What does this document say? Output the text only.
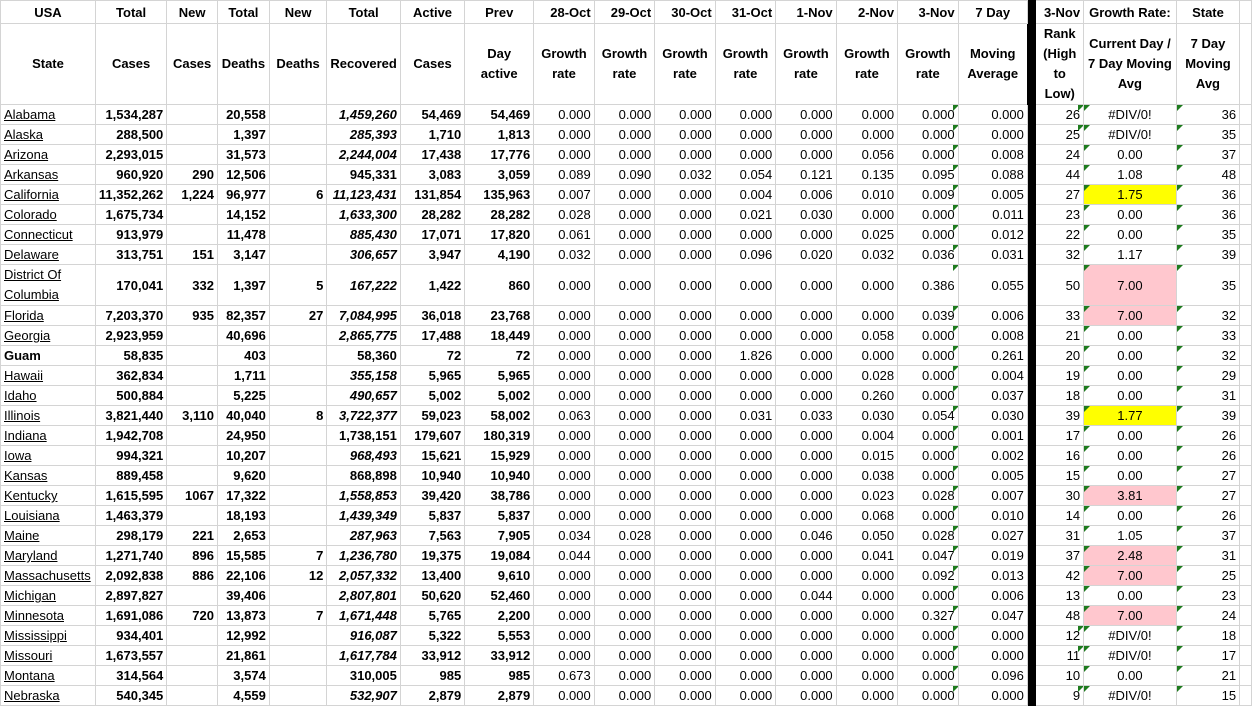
USA	Total	New	Total	New	Total	Active	Prev	28-Oct	29-Oct	30-Oct	31-Oct	1-Nov	2-Nov	3-Nov	7 Day		3-Nov	Growth Rate:	State	
State	Cases	Cases	Deaths	Deaths	Recovered	Cases	Day active	Growth rate	Growth rate	Growth rate	Growth rate	Growth rate	Growth rate	Growth rate	Moving Average		Rank (High to Low)	Current Day / 7 Day Moving Avg	7 Day Moving Avg	
Alabama	1,534,287		20,558		1,459,260	54,469	54,469	0.000	0.000	0.000	0.000	0.000	0.000	0.000	0.000		26	#DIV/0!	36	
Alaska	288,500		1,397		285,393	1,710	1,813	0.000	0.000	0.000	0.000	0.000	0.000	0.000	0.000		25	#DIV/0!	35	
Arizona	2,293,015		31,573		2,244,004	17,438	17,776	0.000	0.000	0.000	0.000	0.000	0.056	0.000	0.008		24	0.00	37	
Arkansas	960,920	290	12,506		945,331	3,083	3,059	0.089	0.090	0.032	0.054	0.121	0.135	0.095	0.088		44	1.08	48	
California	11,352,262	1,224	96,977	6	11,123,431	131,854	135,963	0.007	0.000	0.000	0.004	0.006	0.010	0.009	0.005		27	1.75	36	
Colorado	1,675,734		14,152		1,633,300	28,282	28,282	0.028	0.000	0.000	0.021	0.030	0.000	0.000	0.011		23	0.00	36	
Connecticut	913,979		11,478		885,430	17,071	17,820	0.061	0.000	0.000	0.000	0.000	0.025	0.000	0.012		22	0.00	35	
Delaware	313,751	151	3,147		306,657	3,947	4,190	0.032	0.000	0.000	0.096	0.020	0.032	0.036	0.031		32	1.17	39	
District Of Columbia	170,041	332	1,397	5	167,222	1,422	860	0.000	0.000	0.000	0.000	0.000	0.000	0.386	0.055		50	7.00	35	
Florida	7,203,370	935	82,357	27	7,084,995	36,018	23,768	0.000	0.000	0.000	0.000	0.000	0.000	0.039	0.006		33	7.00	32	
Georgia	2,923,959		40,696		2,865,775	17,488	18,449	0.000	0.000	0.000	0.000	0.000	0.058	0.000	0.008		21	0.00	33	
Guam	58,835		403		58,360	72	72	0.000	0.000	0.000	1.826	0.000	0.000	0.000	0.261		20	0.00	32	
Hawaii	362,834		1,711		355,158	5,965	5,965	0.000	0.000	0.000	0.000	0.000	0.028	0.000	0.004		19	0.00	29	
Idaho	500,884		5,225		490,657	5,002	5,002	0.000	0.000	0.000	0.000	0.000	0.260	0.000	0.037		18	0.00	31	
Illinois	3,821,440	3,110	40,040	8	3,722,377	59,023	58,002	0.063	0.000	0.000	0.031	0.033	0.030	0.054	0.030		39	1.77	39	
Indiana	1,942,708		24,950		1,738,151	179,607	180,319	0.000	0.000	0.000	0.000	0.000	0.004	0.000	0.001		17	0.00	26	
Iowa	994,321		10,207		968,493	15,621	15,929	0.000	0.000	0.000	0.000	0.000	0.015	0.000	0.002		16	0.00	26	
Kansas	889,458		9,620		868,898	10,940	10,940	0.000	0.000	0.000	0.000	0.000	0.038	0.000	0.005		15	0.00	27	
Kentucky	1,615,595	1067	17,322		1,558,853	39,420	38,786	0.000	0.000	0.000	0.000	0.000	0.023	0.028	0.007		30	3.81	27	
Louisiana	1,463,379		18,193		1,439,349	5,837	5,837	0.000	0.000	0.000	0.000	0.000	0.068	0.000	0.010		14	0.00	26	
Maine	298,179	221	2,653		287,963	7,563	7,905	0.034	0.028	0.000	0.000	0.046	0.050	0.028	0.027		31	1.05	37	
Maryland	1,271,740	896	15,585	7	1,236,780	19,375	19,084	0.044	0.000	0.000	0.000	0.000	0.041	0.047	0.019		37	2.48	31	
Massachusetts	2,092,838	886	22,106	12	2,057,332	13,400	9,610	0.000	0.000	0.000	0.000	0.000	0.000	0.092	0.013		42	7.00	25	
Michigan	2,897,827		39,406		2,807,801	50,620	52,460	0.000	0.000	0.000	0.000	0.044	0.000	0.000	0.006		13	0.00	23	
Minnesota	1,691,086	720	13,873	7	1,671,448	5,765	2,200	0.000	0.000	0.000	0.000	0.000	0.000	0.327	0.047		48	7.00	24	
Mississippi	934,401		12,992		916,087	5,322	5,553	0.000	0.000	0.000	0.000	0.000	0.000	0.000	0.000		12	#DIV/0!	18	
Missouri	1,673,557		21,861		1,617,784	33,912	33,912	0.000	0.000	0.000	0.000	0.000	0.000	0.000	0.000		11	#DIV/0!	17	
Montana	314,564		3,574		310,005	985	985	0.673	0.000	0.000	0.000	0.000	0.000	0.000	0.096		10	0.00	21	
Nebraska	540,345		4,559		532,907	2,879	2,879	0.000	0.000	0.000	0.000	0.000	0.000	0.000	0.000		9	#DIV/0!	15	
